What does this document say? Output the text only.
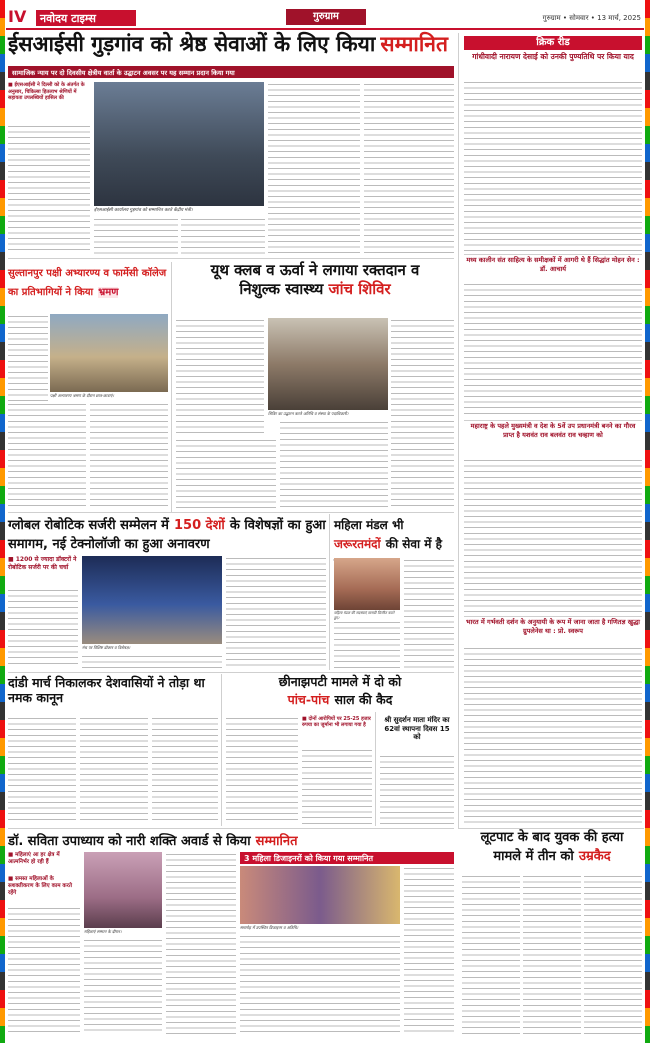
IV	नवोदय टाइम्स	गुरुग्राम	गुरुग्राम • सोमवार • 13 मार्च, 2025
ईसआईसी गुड़गांव को श्रेष्ठ सेवाओं के लिए किया सम्मानित
सामाजिक न्याय पर दो दिवसीय क्षेत्रीय वार्ता के उद्घाटन अवसर पर यह सम्मान प्रदान किया गया
■ ईएसआईसी ने दिल्ली को के अंतर्गत के अनुसार, चिकित्सा हितलाभ श्रेणियों में सहायता उपलब्धियों हासिल की
ईएसआईसी कार्यालय गुड़गांव को सम्मानित करते केंद्रीय मंत्री।
सुल्तानपुर पक्षी अभ्यारण्य व फार्मेसी कॉलेज का प्रतिभागियों ने किया भ्रमण
पक्षी अभ्यारण्य भ्रमण के दौरान छात्र-छात्राएं।
यूथ क्लब व ऊर्वा ने लगाया रक्तदान व
निशुल्क स्वास्थ्य जांच शिविर
शिविर का उद्घाटन करते अतिथि व संस्था के पदाधिकारी।
ग्लोबल रोबोटिक सर्जरी सम्मेलन में 150 देशों के विशेषज्ञों का हुआ समागम, नई टेक्नोलॉजी का हुआ अनावरण
■ 1200 से ज्यादा डॉक्टरों ने रोबोटिक सर्जरी पर की चर्चा
मंच पर विशिष्ट डॉक्टर व विशेषज्ञ।
महिला मंडल भी जरूरतमंदों की सेवा में है
महिला मंडल की सदस्याएं सामग्री वितरित करते हुए।
दांडी मार्च निकालकर देशवासियों ने तोड़ा था नमक कानून
छीनाझपटी मामले में दो को
पांच-पांच साल की कैद
■ दोनों आरोपियों पर 25-25 हजार रुपया का जुर्माना भी लगाया गया है
श्री सुदर्शन माता मंदिर का 62वां स्थापना दिवस 15 को
डॉ. सविता उपाध्याय को नारी शक्ति अवार्ड से किया सम्मानित
■ महिलाएं आ हर क्षेत्र में आत्मनिर्भर हो रही हैं
■ समस्त महिलाओं के सशक्तीकरण के लिए काम करते रहेंगे
महिलाएं सम्मान के दौरान।
3 महिला डिजाइनरों को किया गया सम्मानित
समारोह में उपस्थित डिजाइनर व अतिथि।
क्रिक रीड
गांधीवादी नारायण देसाई को उनकी पुण्यतिथि पर किया याद
मध्य कालीन संत साहित्य के समीक्षकों में आगरी थे हैं सिद्धांत मोहन सेन : डॉ. आचार्य
महाराष्ट्र के पहले मुख्यमंत्री व देश के 5वें उप प्रधानमंत्री बनने का गौरव प्राप्त है यशवंत राव बलवंत राव चव्हाण को
भारत में गर्भवती दर्शन के अनुयायी के रूप में जाना जाता है गणितज्ञ खुद्धा ग्रुपलेनेस था : प्रो. स्वरूप
लूटपाट के बाद युवक की हत्या
मामले में तीन को उम्रकैद
